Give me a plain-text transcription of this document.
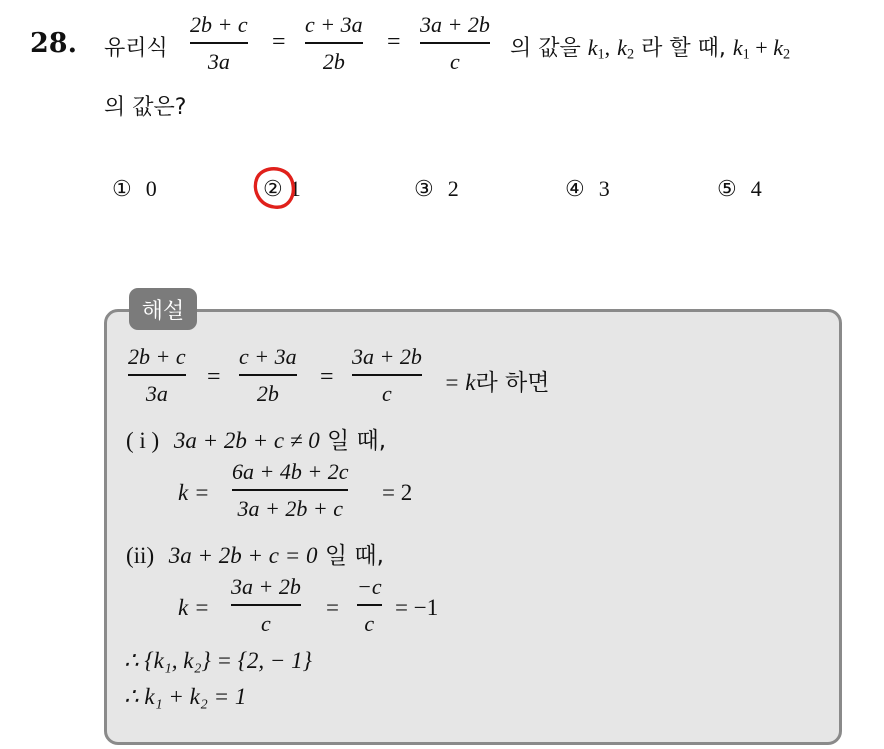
28. 유리식
2b + c
3a
=
c + 3a
2b
=
3a + 2b
c
의 값을 $k_1$, $k_2$ 라 할 때, $k_1 + k_2$
의 값은?
① 0	② 1	③ 2	④ 3	⑤ 4
해설
2b + c
3a
=
c + 3a
2b
=
3a + 2b
c = k라 하면
( i ) 3a + 2b + c ≠ 0 일 때,
k =
6a + 4b + 2c
3a + 2b + c
= 2
(ii) 3a + 2b + c = 0 일 때,
k =
3a + 2b
c
=
−c
c
= −1
∴ {k₁, k₂} = {2, − 1}
∴ k₁ + k₂ = 1
